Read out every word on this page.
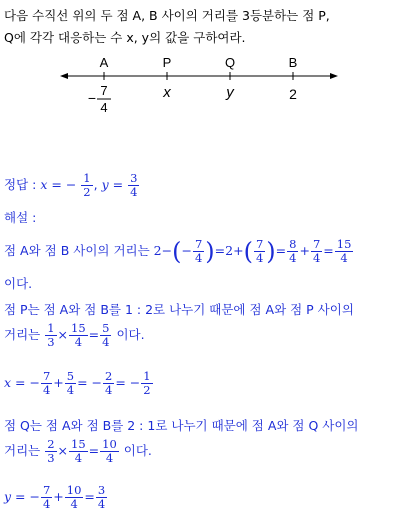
다음 수직선 위의 두 점 A, B 사이의 거리를 3등분하는 점 P,
Q에 각각 대응하는 수 x, y의 값을 구하여라.
A	P	Q	B
− 7
4
x	y	2
정답 : x = − $\frac{1}{2}$ , $y = \frac{3}{4}$
해설 :
점 A와 점 B 사이의 거리는 $2-(- \frac{7}{4} )=2+( \frac{7}{4}$ )= $\frac{8}{4} + \frac{7}{4} = \frac{15}{4}$
이다.
점 P는 점 A와 점 B를 1 : 2로 나누기 때문에 점 A와 점 P 사이의
거리는 $\frac{1}{3} \times \frac{15}{4} = \frac{5}{4}$ 이다.
x = − $\frac{7}{4} + \frac{5}{4}$ = − $\frac{2}{4}$ = − $\frac{1}{2}$
점 Q는 점 A와 점 B를 2 : 1로 나누기 때문에 점 A와 점 Q 사이의
거리는 $\frac{2}{3} \times \frac{15}{4} = \frac{10}{4}$ 이다.
y = − $\frac{7}{4} + \frac{10}{4} = \frac{3}{4}$
